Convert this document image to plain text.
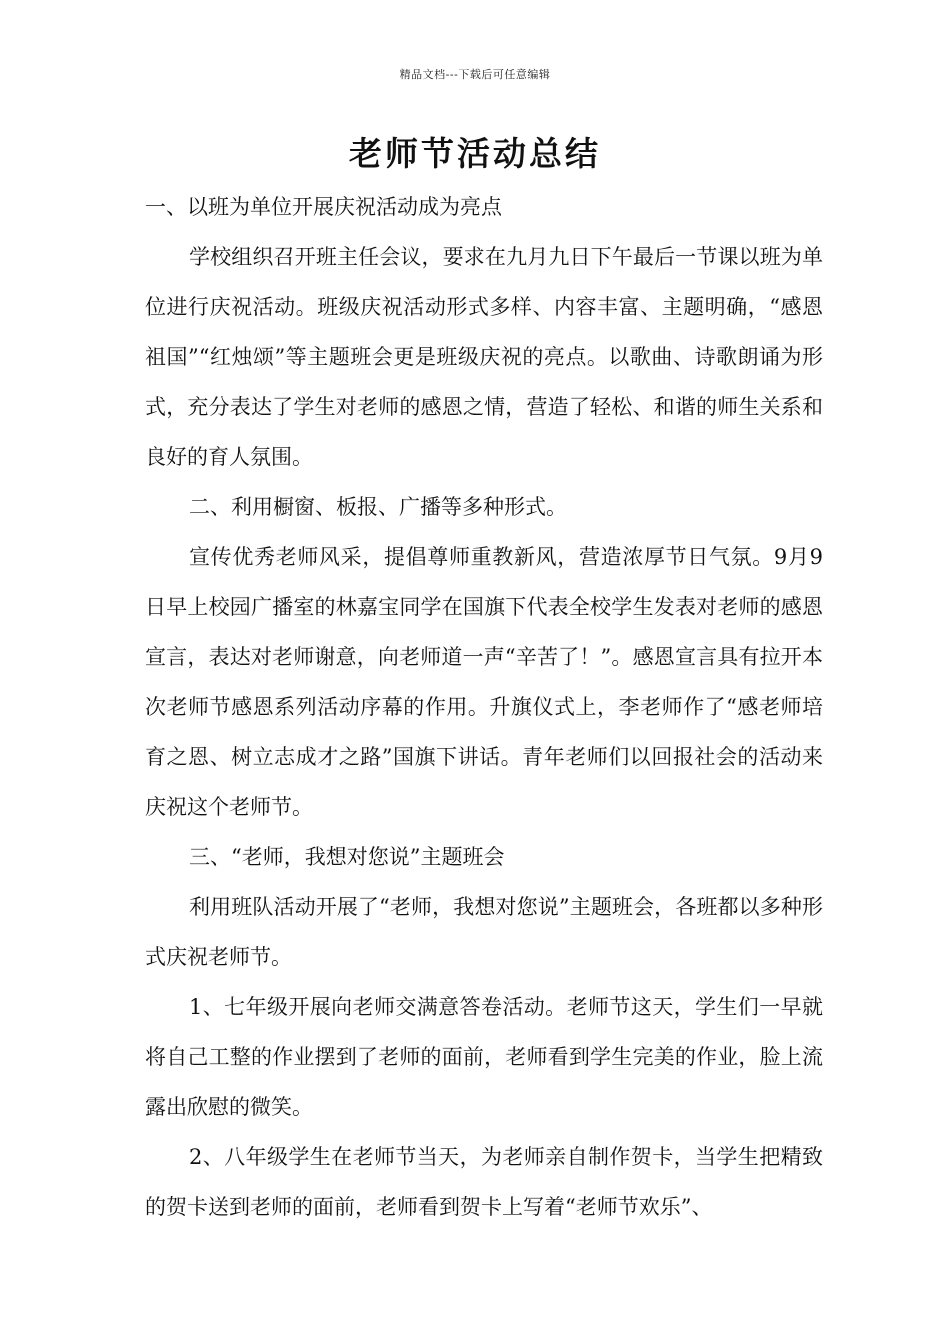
精品文档---下载后可任意编辑
老师节活动总结

一、以班为单位开展庆祝活动成为亮点

学校组织召开班主任会议，要求在九月九日下午最后一节课以班为单位进行庆祝活动。班级庆祝活动形式多样、内容丰富、主题明确，“感恩祖国”“红烛颂”等主题班会更是班级庆祝的亮点。以歌曲、诗歌朗诵为形式，充分表达了学生对老师的感恩之情，营造了轻松、和谐的师生关系和良好的育人氛围。

二、利用橱窗、板报、广播等多种形式。

宣传优秀老师风采，提倡尊师重教新风，营造浓厚节日气氛。9月9日早上校园广播室的林嘉宝同学在国旗下代表全校学生发表对老师的感恩宣言，表达对老师谢意，向老师道一声“辛苦了！”。感恩宣言具有拉开本次老师节感恩系列活动序幕的作用。升旗仪式上，李老师作了“感老师培育之恩、树立志成才之路”国旗下讲话。青年老师们以回报社会的活动来庆祝这个老师节。

三、“老师，我想对您说”主题班会

利用班队活动开展了“老师，我想对您说”主题班会，各班都以多种形式庆祝老师节。

1、七年级开展向老师交满意答卷活动。老师节这天，学生们一早就将自己工整的作业摆到了老师的面前，老师看到学生完美的作业，脸上流露出欣慰的微笑。

2、八年级学生在老师节当天，为老师亲自制作贺卡，当学生把精致的贺卡送到老师的面前，老师看到贺卡上写着“老师节欢乐”、
